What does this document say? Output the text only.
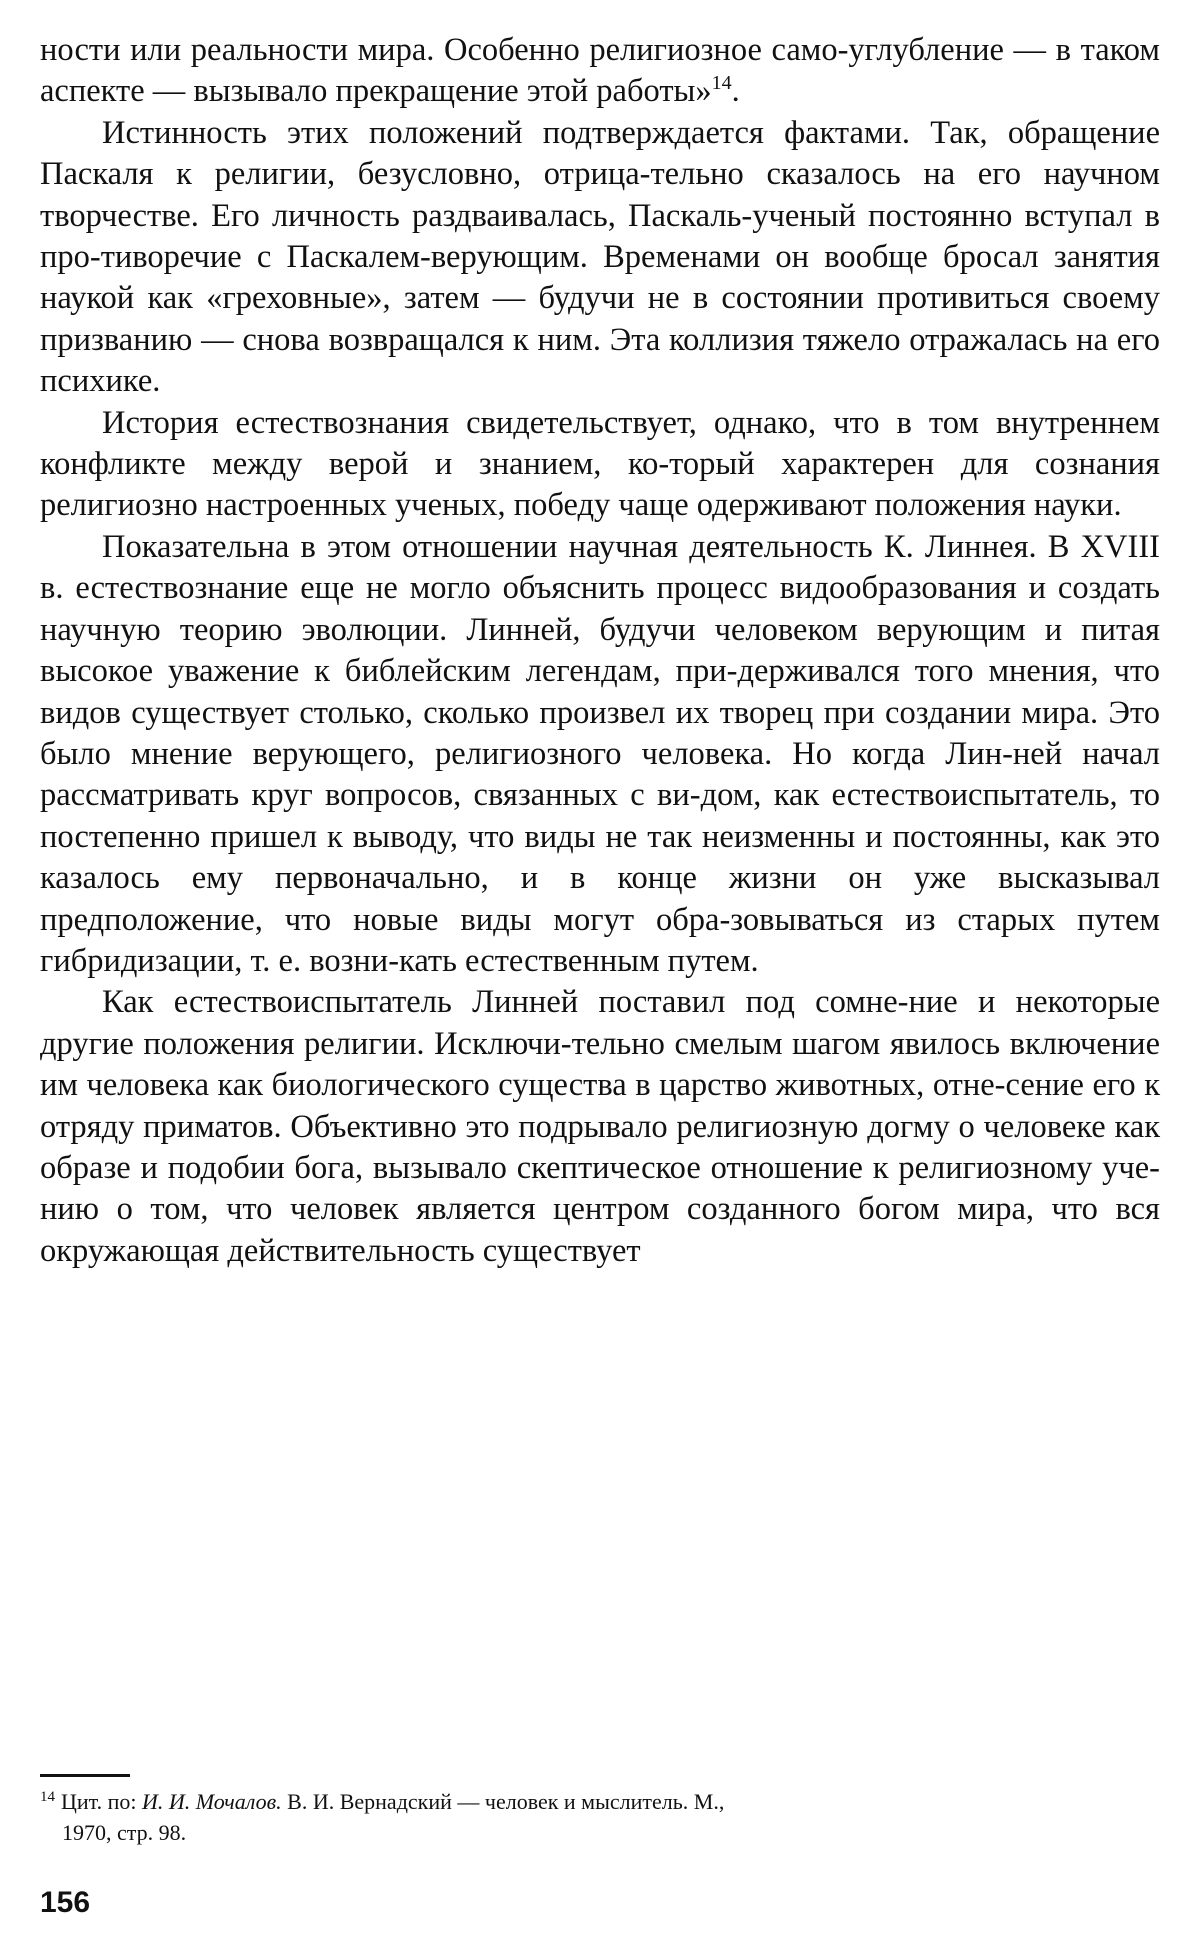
ности или реальности мира. Особенно религиозное само-углубление — в таком аспекте — вызывало прекращение этой работы»$^{14}$.

Истинность этих положений подтверждается фактами. Так, обращение Паскаля к религии, безусловно, отрица-тельно сказалось на его научном творчестве. Его личность раздваивалась, Паскаль-ученый постоянно вступал в про-тиворечие с Паскалем-верующим. Временами он вообще бросал занятия наукой как «греховные», затем — будучи не в состоянии противиться своему призванию — снова возвращался к ним. Эта коллизия тяжело отражалась на его психике.

История естествознания свидетельствует, однако, что в том внутреннем конфликте между верой и знанием, ко-торый характерен для сознания религиозно настроенных ученых, победу чаще одерживают положения науки.

Показательна в этом отношении научная деятельность К. Линнея. В XVIII в. естествознание еще не могло объяснить процесс видообразования и создать научную теорию эволюции. Линней, будучи человеком верующим и питая высокое уважение к библейским легендам, при-держивался того мнения, что видов существует столько, сколько произвел их творец при создании мира. Это было мнение верующего, религиозного человека. Но когда Лин-ней начал рассматривать круг вопросов, связанных с ви-дом, как естествоиспытатель, то постепенно пришел к выводу, что виды не так неизменны и постоянны, как это казалось ему первоначально, и в конце жизни он уже высказывал предположение, что новые виды могут обра-зовываться из старых путем гибридизации, т. е. возни-кать естественным путем.

Как естествоиспытатель Линней поставил под сомне-ние и некоторые другие положения религии. Исключи-тельно смелым шагом явилось включение им человека как биологического существа в царство животных, отне-сение его к отряду приматов. Объективно это подрывало религиозную догму о человеке как образе и подобии бога, вызывало скептическое отношение к религиозному уче-нию о том, что человек является центром созданного богом мира, что вся окружающая действительность существует

$^{14}$ Цит. по: И. И. Мочалов. В. И. Вернадский — человек и мыслитель. М.,
1970, стр. 98.
156
